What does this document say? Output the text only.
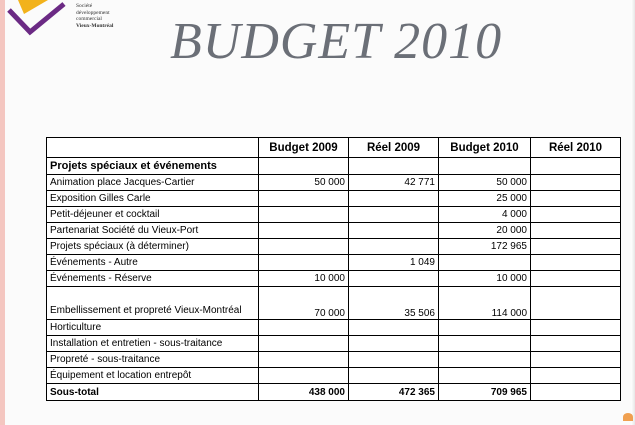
Société
développement
commercial
Vieux-Montréal BUDGET 2010
	Budget 2009	Réel 2009	Budget 2010	Réel 2010
Projets spéciaux et événements				
Animation place Jacques-Cartier	50 000	42 771	50 000	
Exposition Gilles Carle			25 000	
Petit-déjeuner et cocktail			4 000	
Partenariat Société du Vieux-Port			20 000	
Projets spéciaux (à déterminer)			172 965	
Événements - Autre		1 049		
Événements - Réserve	10 000		10 000	
Embellissement et propreté Vieux-Montréal	70 000	35 506	114 000	
Horticulture				
Installation et entretien - sous-traitance				
Propreté - sous-traitance				
Équipement et location entrepôt				
Sous-total	438 000	472 365	709 965	
